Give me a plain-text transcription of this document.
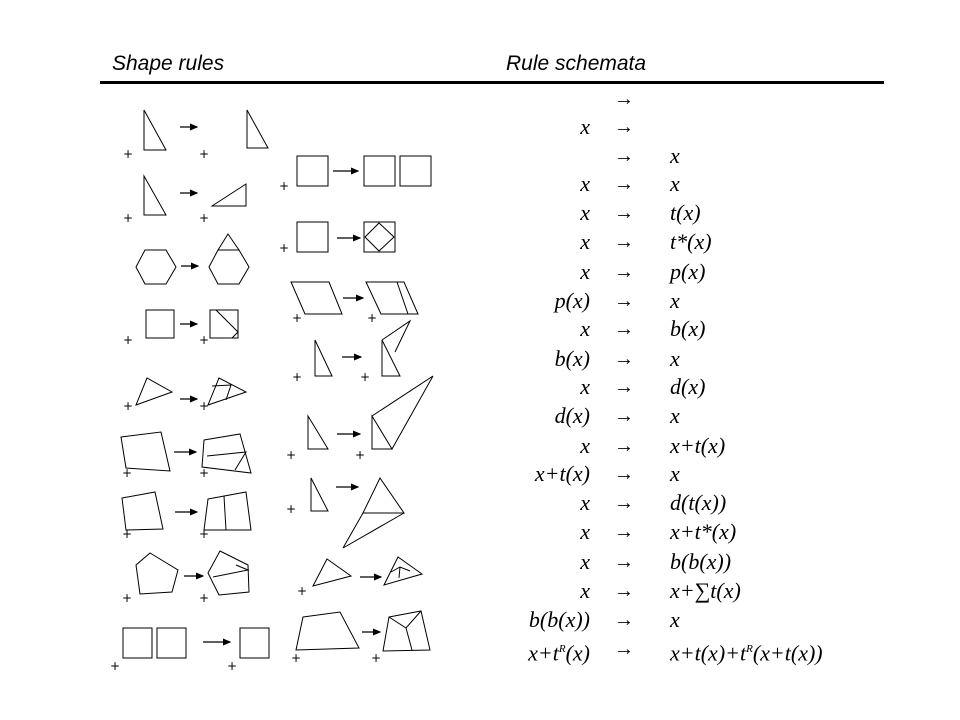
Shape rules	Rule schemata
+	+
+	+
+	+
+	+
+	+
+	+
+	+
+	+
+
+
+	+
+	+
+	+
+
+
+	+
→
x →
→ x
x → x
x → t(x)
x → t*(x)
x → p(x)
p(x) → x
x → b(x)
b(x) → x
x → d(x)
d(x) → x
x → x+t(x)
x+t(x) → x
x → d(t(x))
x → x+t*(x)
x → b(b(x))
x → x+∑t(x)
b(b(x)) → x
$x+t^R(x) \to x+t(x)+t^R(x+t(x))$
